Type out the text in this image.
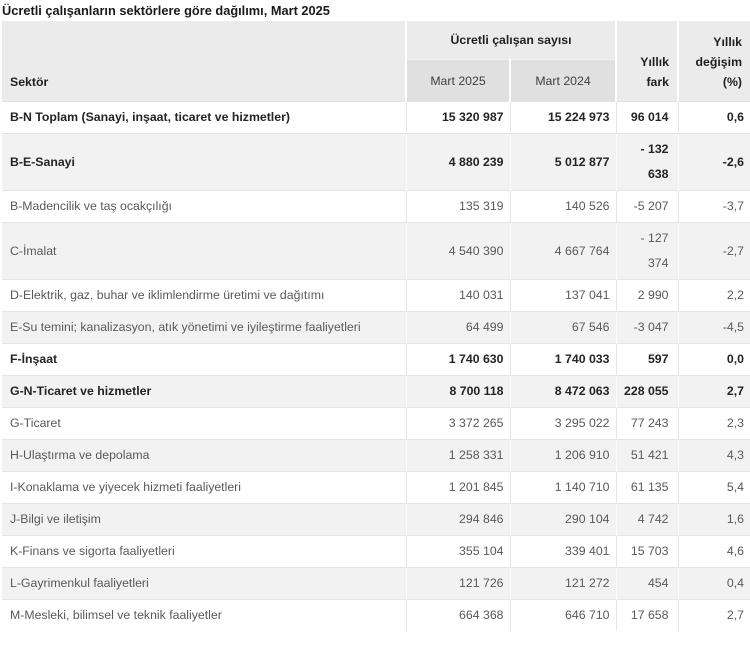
Ücretli çalışanların sektörlere göre dağılımı, Mart 2025
Sektör	Ücretli çalışan sayısı		Yıllık fark	Yıllık değişim (%)
	Mart 2025	Mart 2024		
B-N Toplam (Sanayi, inşaat, ticaret ve hizmetler)	15 320 987	15 224 973	96 014	0,6
B-E-Sanayi	4 880 239	5 012 877	- 132 638	-2,6
B-Madencilik ve taş ocakçılığı	135 319	140 526	-5 207	-3,7
C-İmalat	4 540 390	4 667 764	- 127 374	-2,7
D-Elektrik, gaz, buhar ve iklimlendirme üretimi ve dağıtımı	140 031	137 041	2 990	2,2
E-Su temini; kanalizasyon, atık yönetimi ve iyileştirme faaliyetleri	64 499	67 546	-3 047	-4,5
F-İnşaat	1 740 630	1 740 033	597	0,0
G-N-Ticaret ve hizmetler	8 700 118	8 472 063	228 055	2,7
G-Ticaret	3 372 265	3 295 022	77 243	2,3
H-Ulaştırma ve depolama	1 258 331	1 206 910	51 421	4,3
I-Konaklama ve yiyecek hizmeti faaliyetleri	1 201 845	1 140 710	61 135	5,4
J-Bilgi ve iletişim	294 846	290 104	4 742	1,6
K-Finans ve sigorta faaliyetleri	355 104	339 401	15 703	4,6
L-Gayrimenkul faaliyetleri	121 726	121 272	454	0,4
M-Mesleki, bilimsel ve teknik faaliyetler	664 368	646 710	17 658	2,7
